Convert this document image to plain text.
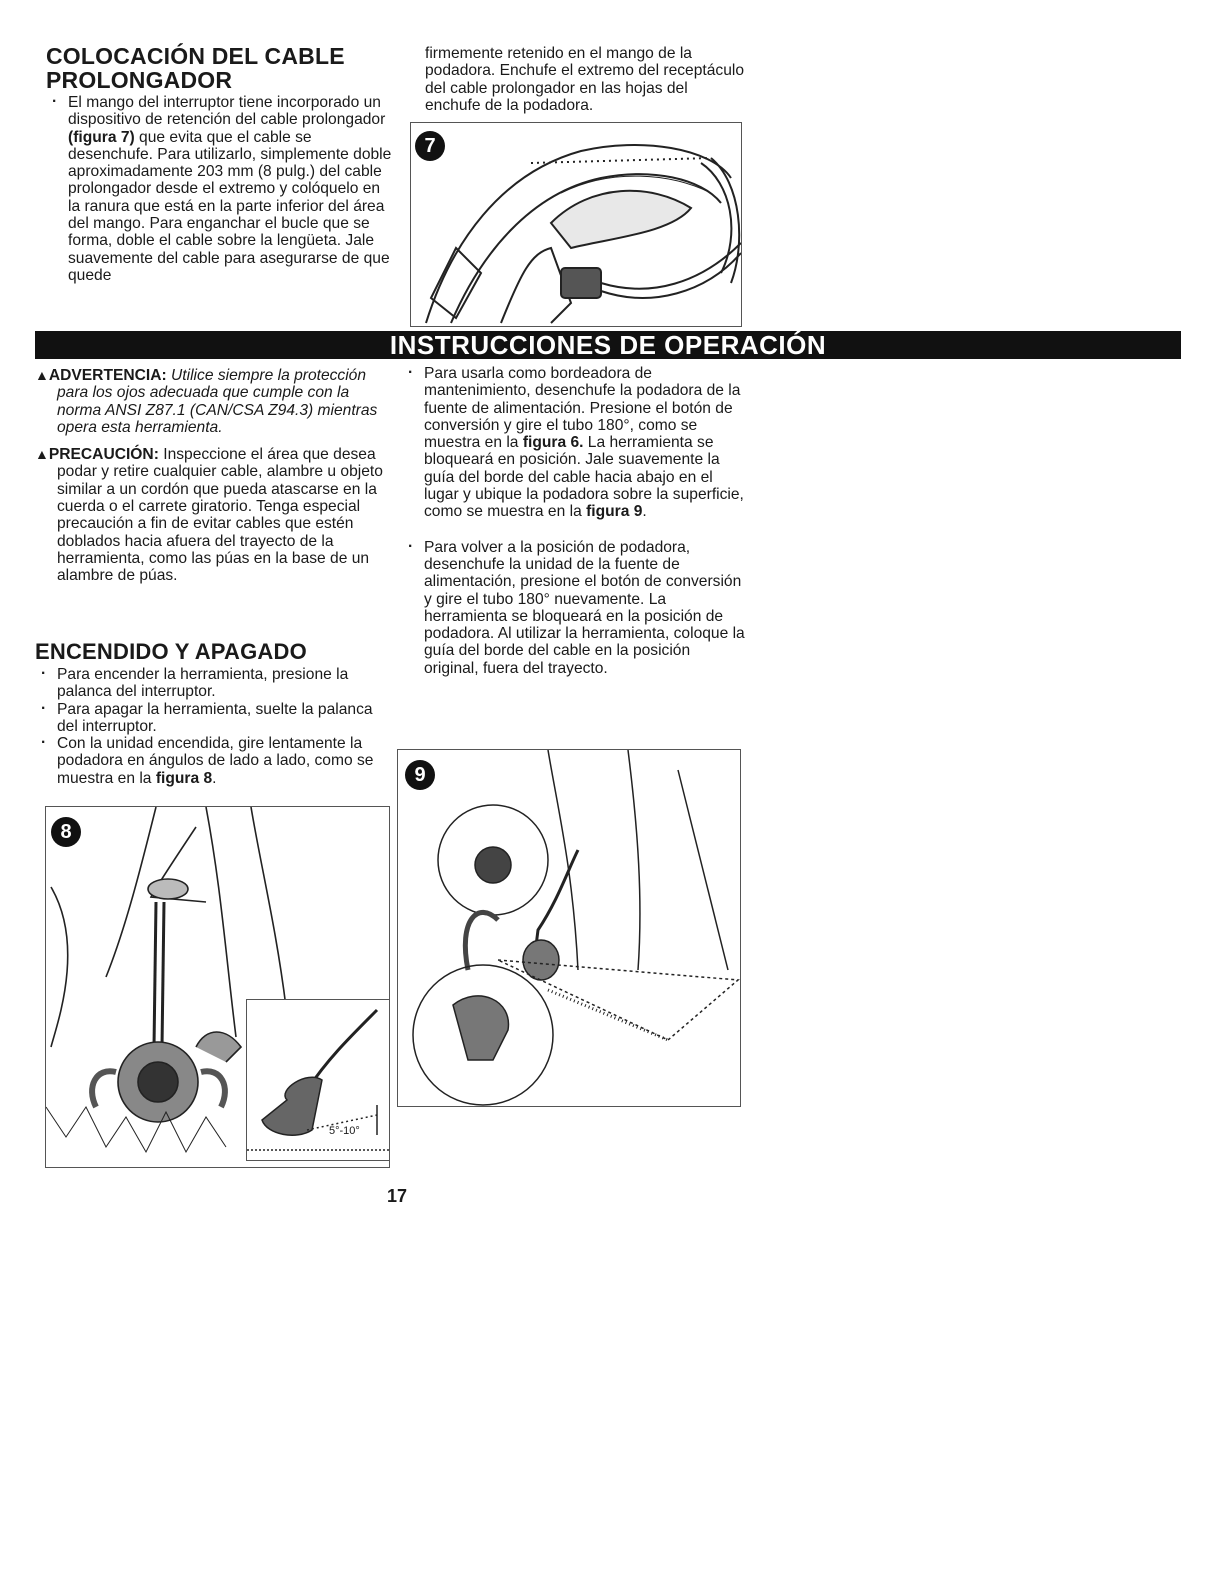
COLOCACIÓN DEL CABLE
PROLONGADOR
· El mango del interruptor tiene incorporado un dispositivo de retención del cable prolongador (figura 7) que evita que el cable se desenchufe. Para utilizarlo, simplemente doble aproximadamente 203 mm (8 pulg.) del cable prolongador desde el extremo y colóquelo en la ranura que está en la parte inferior del área del mango. Para enganchar el bucle que se forma, doble el cable sobre la lengüeta. Jale suavemente del cable para asegurarse de que quede
firmemente retenido en el mango de la podadora. Enchufe el extremo del receptáculo del cable prolongador en las hojas del enchufe de la podadora.
7
INSTRUCCIONES DE OPERACIÓN

▲ADVERTENCIA: Utilice siempre la protección para los ojos adecuada que cumple con la norma ANSI Z87.1 (CAN/CSA Z94.3) mientras opera esta herramienta.

▲PRECAUCIÓN: Inspeccione el área que desea podar y retire cualquier cable, alambre u objeto similar a un cordón que pueda atascarse en la cuerda o el carrete giratorio. Tenga especial precaución a fin de evitar cables que estén doblados hacia afuera del trayecto de la herramienta, como las púas en la base de un alambre de púas.

ENCENDIDO Y APAGADO
· Para encender la herramienta, presione la palanca del interruptor.
· Para apagar la herramienta, suelte la palanca del interruptor.
· Con la unidad encendida, gire lentamente la podadora en ángulos de lado a lado, como se muestra en la figura 8.
· Para usarla como bordeadora de mantenimiento, desenchufe la podadora de la fuente de alimentación. Presione el botón de conversión y gire el tubo 180°, como se muestra en la figura 6. La herramienta se bloqueará en posición. Jale suavemente la guía del borde del cable hacia abajo en el lugar y ubique la podadora sobre la superficie, como se muestra en la figura 9.
· Para volver a la posición de podadora, desenchufe la unidad de la fuente de alimentación, presione el botón de conversión y gire el tubo 180° nuevamente. La herramienta se bloqueará en la posición de podadora. Al utilizar la herramienta, coloque la guía del borde del cable en la posición original, fuera del trayecto.
8
5°-10°
9
17
